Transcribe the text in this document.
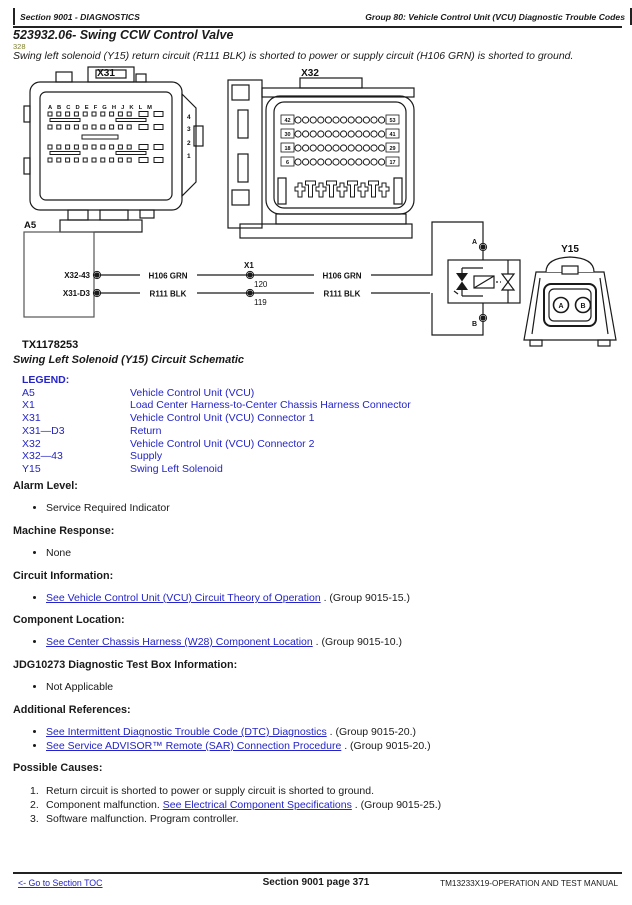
Section 9001 - DIAGNOSTICS	Group 80: Vehicle Control Unit (VCU) Diagnostic Trouble Codes
523932.06- Swing CCW Control Valve
328
Swing left solenoid (Y15) return circuit (R111 BLK) is shorted to power or supply circuit (H106 GRN) is shorted to ground.
X31
A B C D E F G H J K L M
4
3
2
1
X32
42
30
18
6
53
41
29
17
A5
X32-43
X31-D3
H106 GRN	H106 GRN
R111 BLK	R111 BLK
X1
120
119
A
B
Y15
A B
TX1178253
Swing Left Solenoid (Y15) Circuit Schematic
LEGEND:
A5	Vehicle Control Unit (VCU)
X1	Load Center Harness-to-Center Chassis Harness Connector
X31	Vehicle Control Unit (VCU) Connector 1
X31—D3	Return
X32	Vehicle Control Unit (VCU) Connector 2
X32—43	Supply
Y15	Swing Left Solenoid
Alarm Level:
• Service Required Indicator
Machine Response:
• None
Circuit Information:
• See Vehicle Control Unit (VCU) Circuit Theory of Operation . (Group 9015-15.)
Component Location:
• See Center Chassis Harness (W28) Component Location . (Group 9015-10.)
JDG10273 Diagnostic Test Box Information:
• Not Applicable
Additional References:
• See Intermittent Diagnostic Trouble Code (DTC) Diagnostics . (Group 9015-20.)
• See Service ADVISOR™ Remote (SAR) Connection Procedure . (Group 9015-20.)
Possible Causes:
1. Return circuit is shorted to power or supply circuit is shorted to ground.
2. Component malfunction. See Electrical Component Specifications . (Group 9015-25.)
3. Software malfunction. Program controller.
<- Go to Section TOC	Section 9001 page 371	TM13233X19-OPERATION AND TEST MANUAL
